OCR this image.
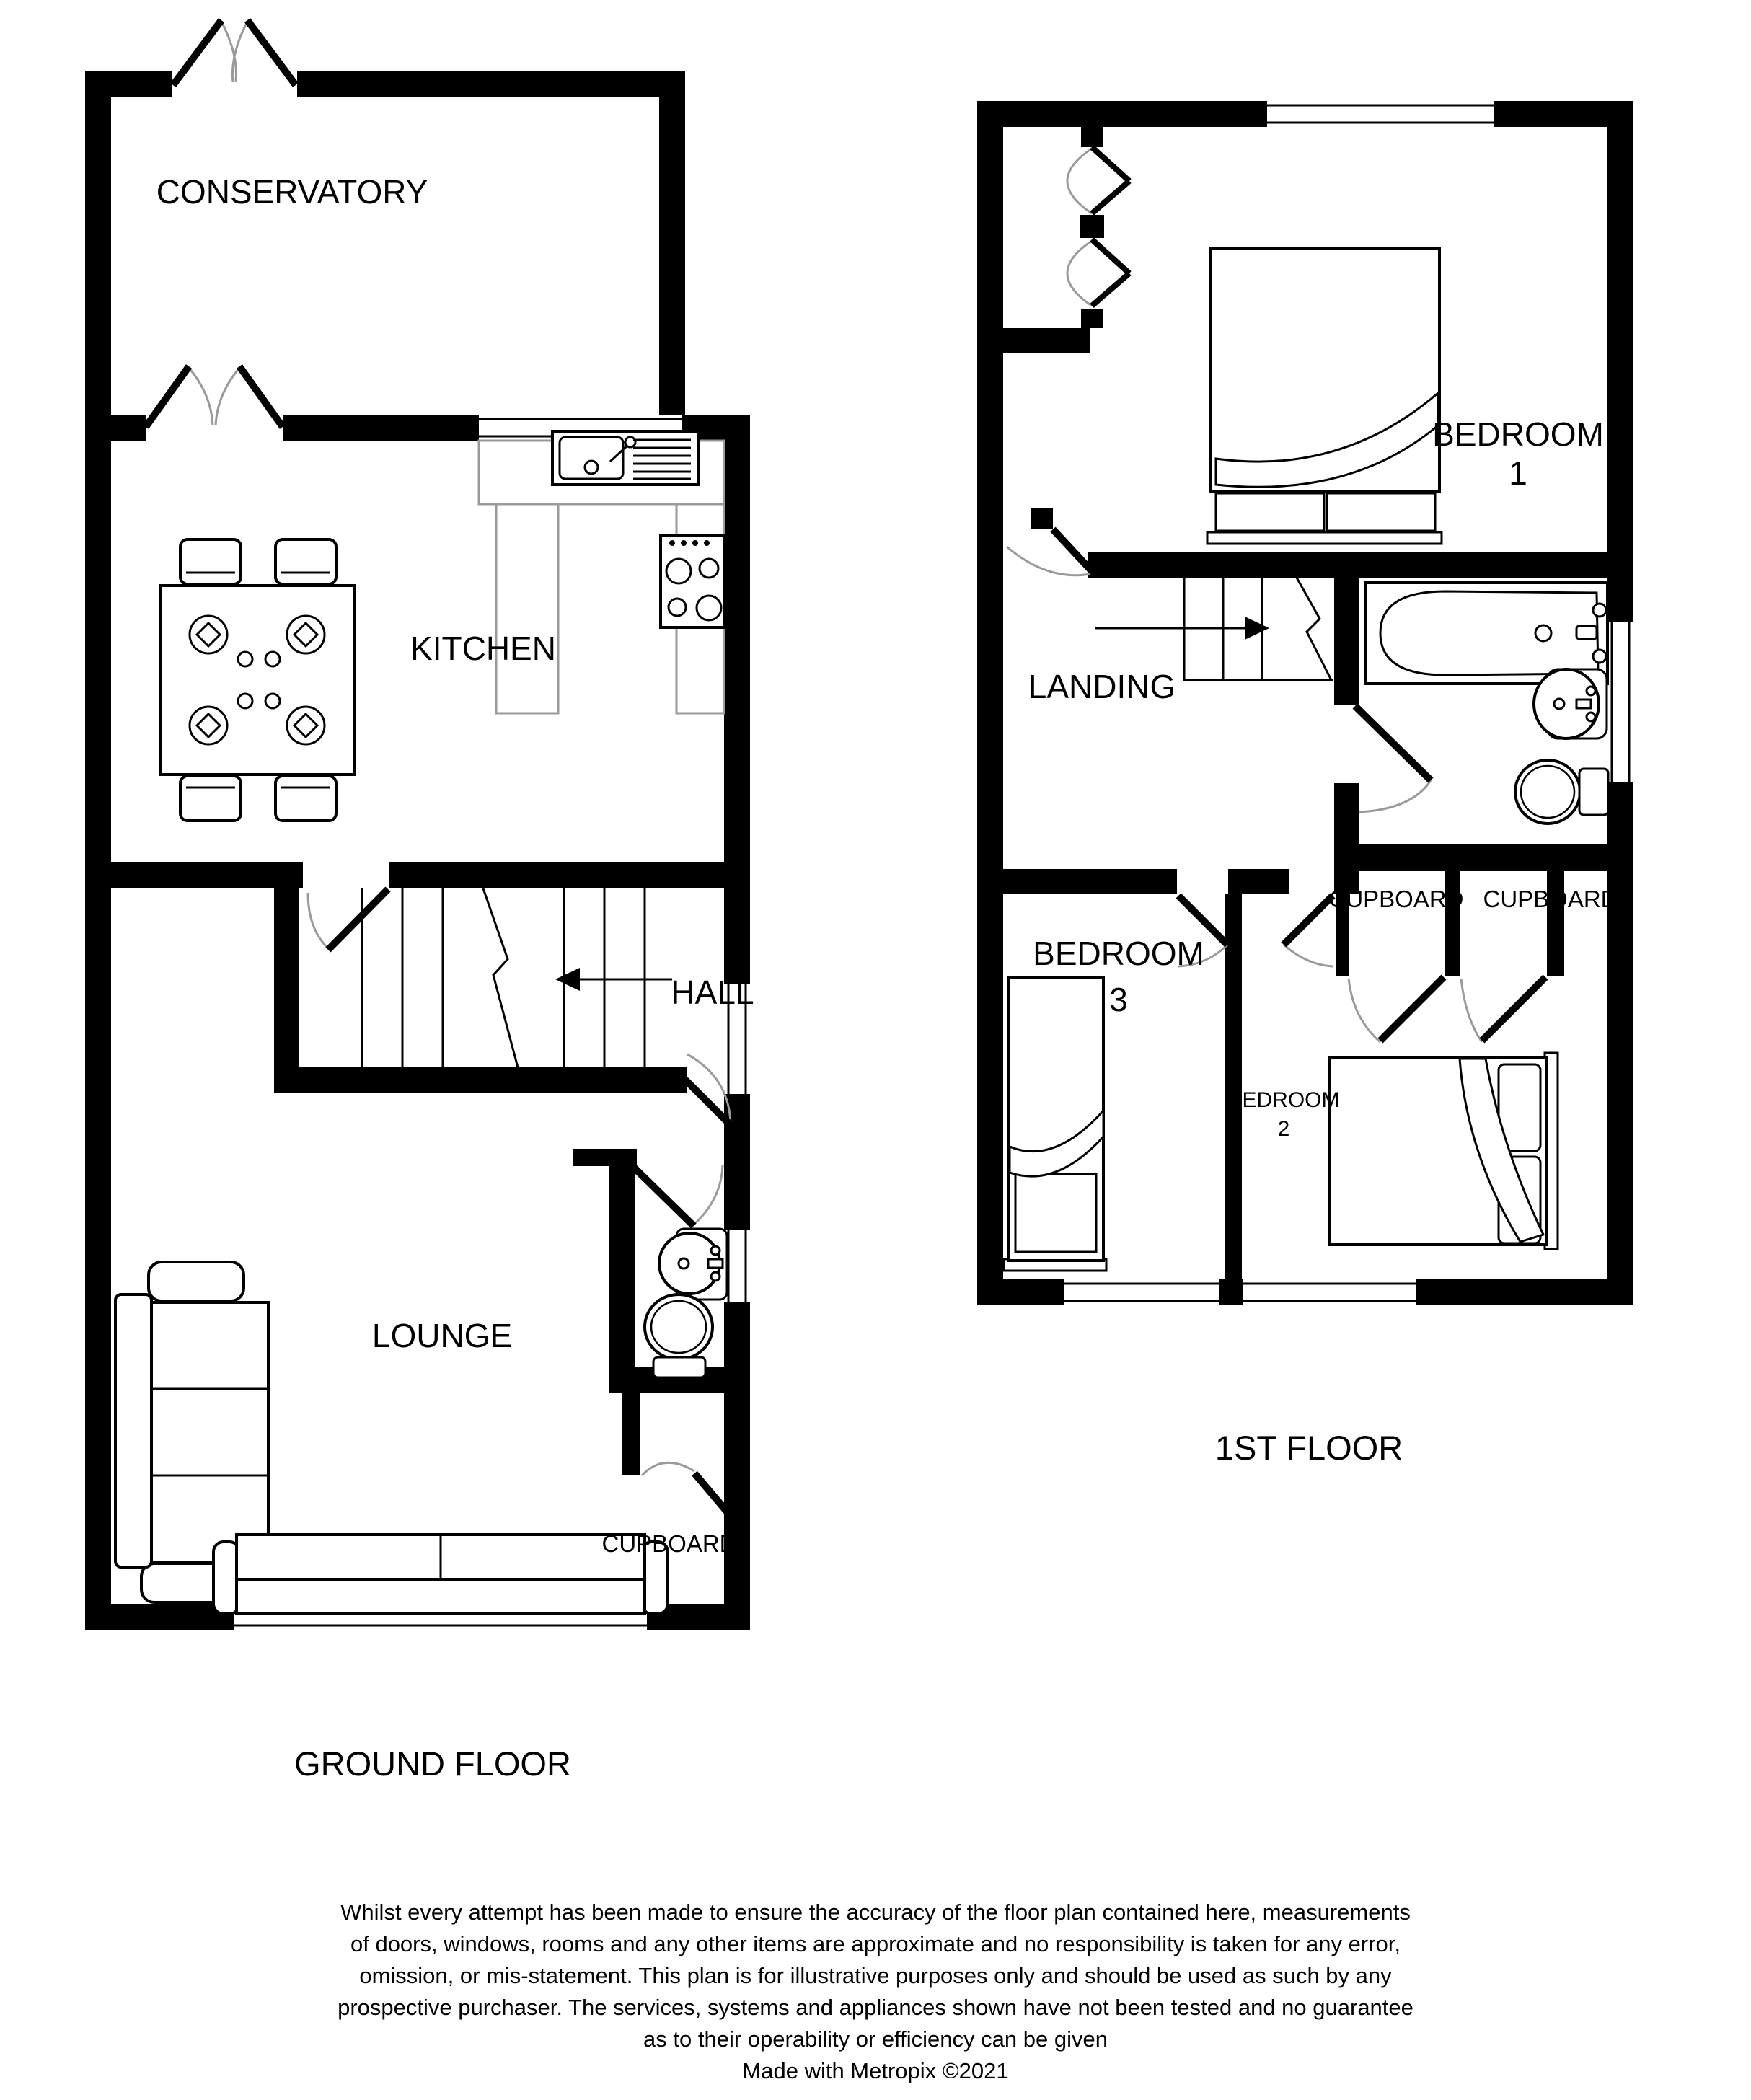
CONSERVATORY
KITCHEN
HALL
LOUNGE
CUPBOARD
GROUND FLOOR
BEDROOM
1
LANDING
BEDROOM
3
BEDROOM
2
CUPBOARD CUPBOARD
1ST FLOOR
Whilst every attempt has been made to ensure the accuracy of the floor plan contained here, measurements
of doors, windows, rooms and any other items are approximate and no responsibility is taken for any error,
omission, or mis-statement. This plan is for illustrative purposes only and should be used as such by any
prospective purchaser. The services, systems and appliances shown have not been tested and no guarantee
as to their operability or efficiency can be given
Made with Metropix ©2021
